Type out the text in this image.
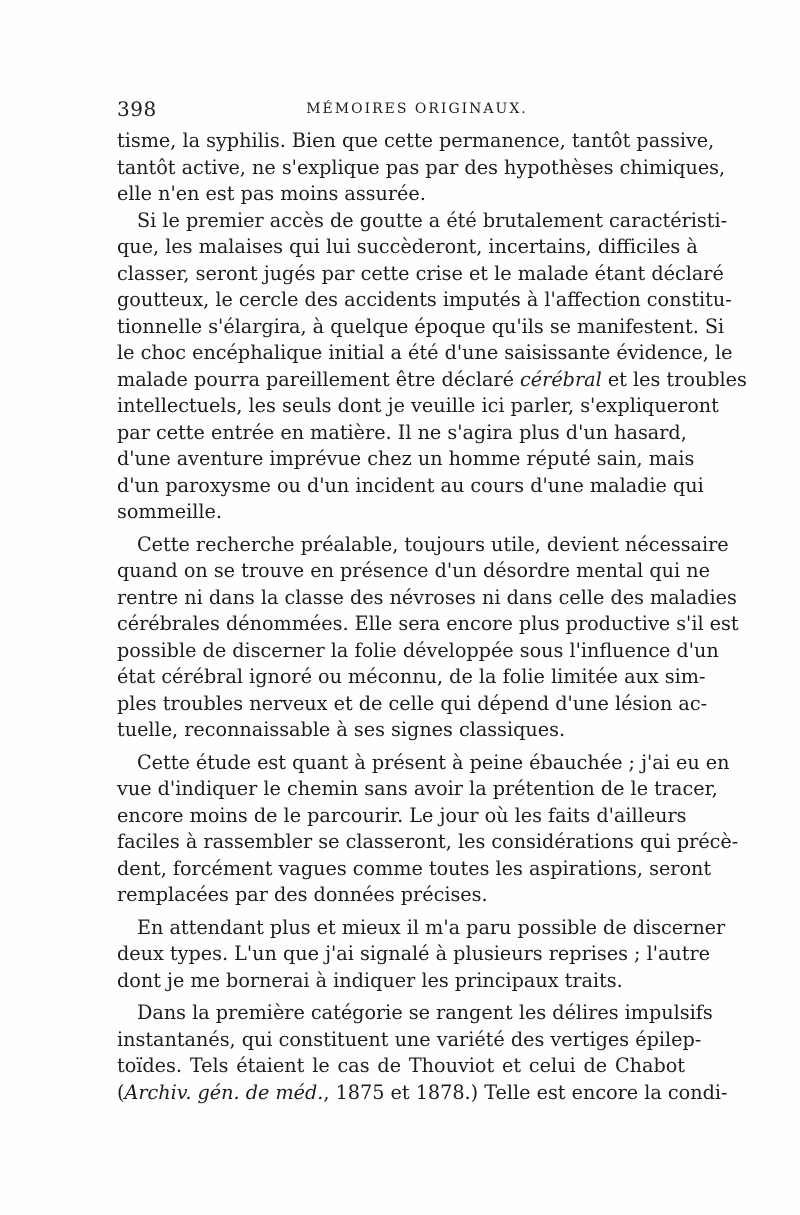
398	MÉMOIRES ORIGINAUX.
tisme, la syphilis. Bien que cette permanence, tantôt passive,
tantôt active, ne s'explique pas par des hypothèses chimiques,
elle n'en est pas moins assurée.
Si le premier accès de goutte a été brutalement caractéristi-
que, les malaises qui lui succèderont, incertains, difficiles à
classer, seront jugés par cette crise et le malade étant déclaré
goutteux, le cercle des accidents imputés à l'affection constitu-
tionnelle s'élargira, à quelque époque qu'ils se manifestent. Si
le choc encéphalique initial a été d'une saisissante évidence, le
malade pourra pareillement être déclaré cérébral et les troubles
intellectuels, les seuls dont je veuille ici parler, s'expliqueront
par cette entrée en matière. Il ne s'agira plus d'un hasard,
d'une aventure imprévue chez un homme réputé sain, mais
d'un paroxysme ou d'un incident au cours d'une maladie qui
sommeille.
Cette recherche préalable, toujours utile, devient nécessaire
quand on se trouve en présence d'un désordre mental qui ne
rentre ni dans la classe des névroses ni dans celle des maladies
cérébrales dénommées. Elle sera encore plus productive s'il est
possible de discerner la folie développée sous l'influence d'un
état cérébral ignoré ou méconnu, de la folie limitée aux sim-
ples troubles nerveux et de celle qui dépend d'une lésion ac-
tuelle, reconnaissable à ses signes classiques.
Cette étude est quant à présent à peine ébauchée ; j'ai eu en
vue d'indiquer le chemin sans avoir la prétention de le tracer,
encore moins de le parcourir. Le jour où les faits d'ailleurs
faciles à rassembler se classeront, les considérations qui précè-
dent, forcément vagues comme toutes les aspirations, seront
remplacées par des données précises.
En attendant plus et mieux il m'a paru possible de discerner
deux types. L'un que j'ai signalé à plusieurs reprises ; l'autre
dont je me bornerai à indiquer les principaux traits.
Dans la première catégorie se rangent les délires impulsifs
instantanés, qui constituent une variété des vertiges épilep-
toïdes. Tels étaient le cas de Thouviot et celui de Chabot
(Archiv. gén. de méd., 1875 et 1878.) Telle est encore la condi-
